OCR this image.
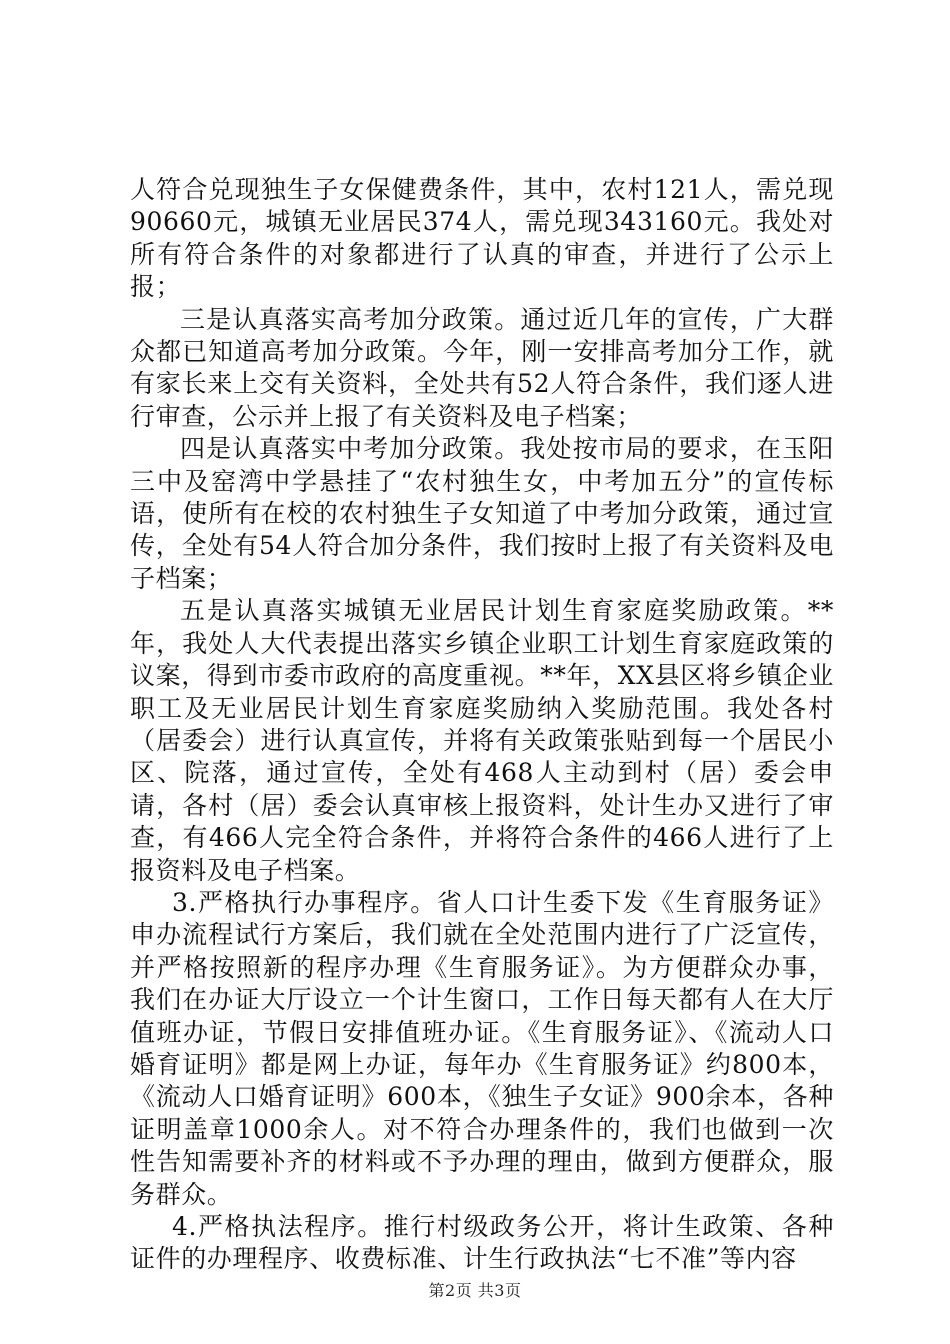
人符合兑现独生子女保健费条件，其中，农村121人，需兑现90660元，城镇无业居民374人，需兑现343160元。我处对所有符合条件的对象都进行了认真的审查，并进行了公示上报；

三是认真落实高考加分政策。通过近几年的宣传，广大群众都已知道高考加分政策。今年，刚一安排高考加分工作，就有家长来上交有关资料，全处共有52人符合条件，我们逐人进行审查，公示并上报了有关资料及电子档案；

四是认真落实中考加分政策。我处按市局的要求，在玉阳三中及窑湾中学悬挂了“农村独生女，中考加五分”的宣传标语，使所有在校的农村独生子女知道了中考加分政策，通过宣传，全处有54人符合加分条件，我们按时上报了有关资料及电子档案；

五是认真落实城镇无业居民计划生育家庭奖励政策。**年，我处人大代表提出落实乡镇企业职工计划生育家庭政策的议案，得到市委市政府的高度重视。**年，XX县区将乡镇企业职工及无业居民计划生育家庭奖励纳入奖励范围。我处各村（居委会）进行认真宣传，并将有关政策张贴到每一个居民小区、院落，通过宣传，全处有468人主动到村（居）委会申请，各村（居）委会认真审核上报资料，处计生办又进行了审查，有466人完全符合条件，并将符合条件的466人进行了上报资料及电子档案。

3.严格执行办事程序。省人口计生委下发《生育服务证》申办流程试行方案后，我们就在全处范围内进行了广泛宣传，并严格按照新的程序办理《生育服务证》。为方便群众办事，我们在办证大厅设立一个计生窗口，工作日每天都有人在大厅值班办证，节假日安排值班办证。《生育服务证》、《流动人口婚育证明》都是网上办证，每年办《生育服务证》约800本，《流动人口婚育证明》600本，《独生子女证》900余本，各种证明盖章1000余人。对不符合办理条件的，我们也做到一次性告知需要补齐的材料或不予办理的理由，做到方便群众，服务群众。

4.严格执法程序。推行村级政务公开，将计生政策、各种证件的办理程序、收费标准、计生行政执法“七不准”等内容

第2页 共3页
